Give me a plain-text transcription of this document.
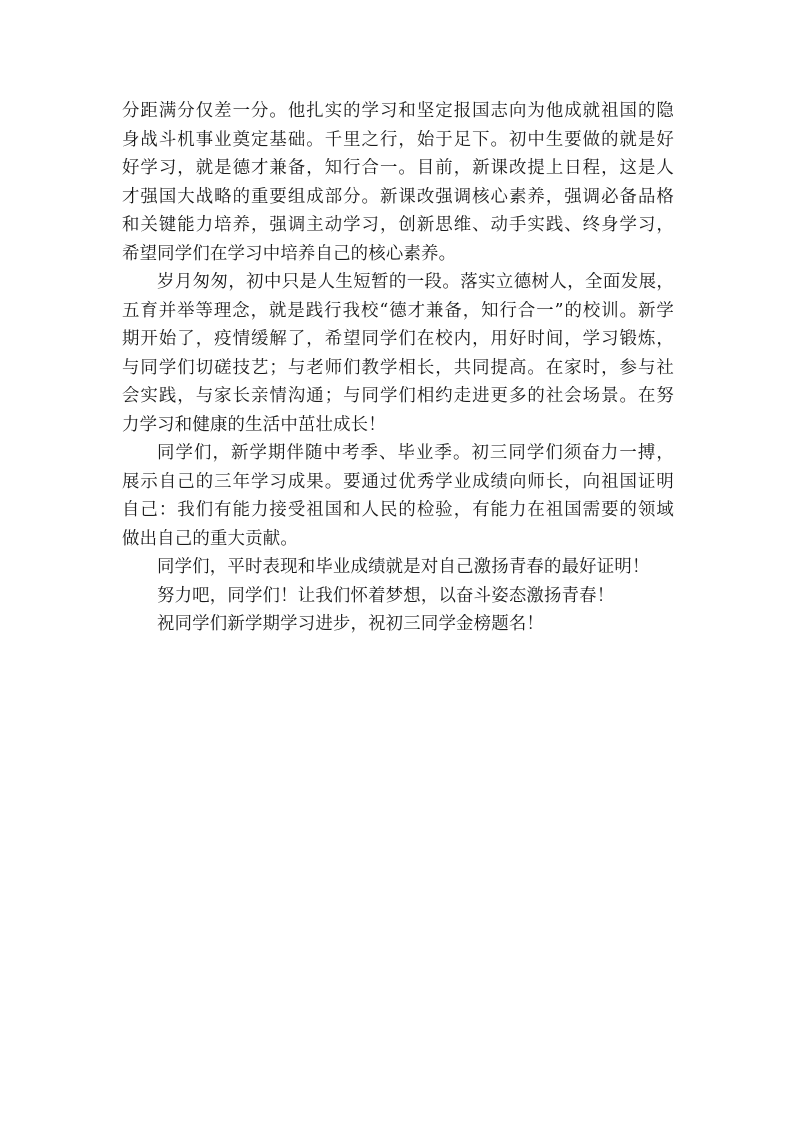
分距满分仅差一分。他扎实的学习和坚定报国志向为他成就祖国的隐
身战斗机事业奠定基础。千里之行，始于足下。初中生要做的就是好
好学习，就是德才兼备，知行合一。目前，新课改提上日程，这是人
才强国大战略的重要组成部分。新课改强调核心素养，强调必备品格
和关键能力培养，强调主动学习，创新思维、动手实践、终身学习，
希望同学们在学习中培养自己的核心素养。

岁月匆匆，初中只是人生短暂的一段。落实立德树人，全面发展，
五育并举等理念，就是践行我校“德才兼备，知行合一”的校训。新学
期开始了，疫情缓解了，希望同学们在校内，用好时间，学习锻炼，
与同学们切磋技艺；与老师们教学相长，共同提高。在家时，参与社
会实践，与家长亲情沟通；与同学们相约走进更多的社会场景。在努
力学习和健康的生活中茁壮成长！

同学们，新学期伴随中考季、毕业季。初三同学们须奋力一搏，
展示自己的三年学习成果。要通过优秀学业成绩向师长，向祖国证明
自己：我们有能力接受祖国和人民的检验，有能力在祖国需要的领域
做出自己的重大贡献。

同学们，平时表现和毕业成绩就是对自己激扬青春的最好证明！

努力吧，同学们！让我们怀着梦想，以奋斗姿态激扬青春！

祝同学们新学期学习进步，祝初三同学金榜题名！
